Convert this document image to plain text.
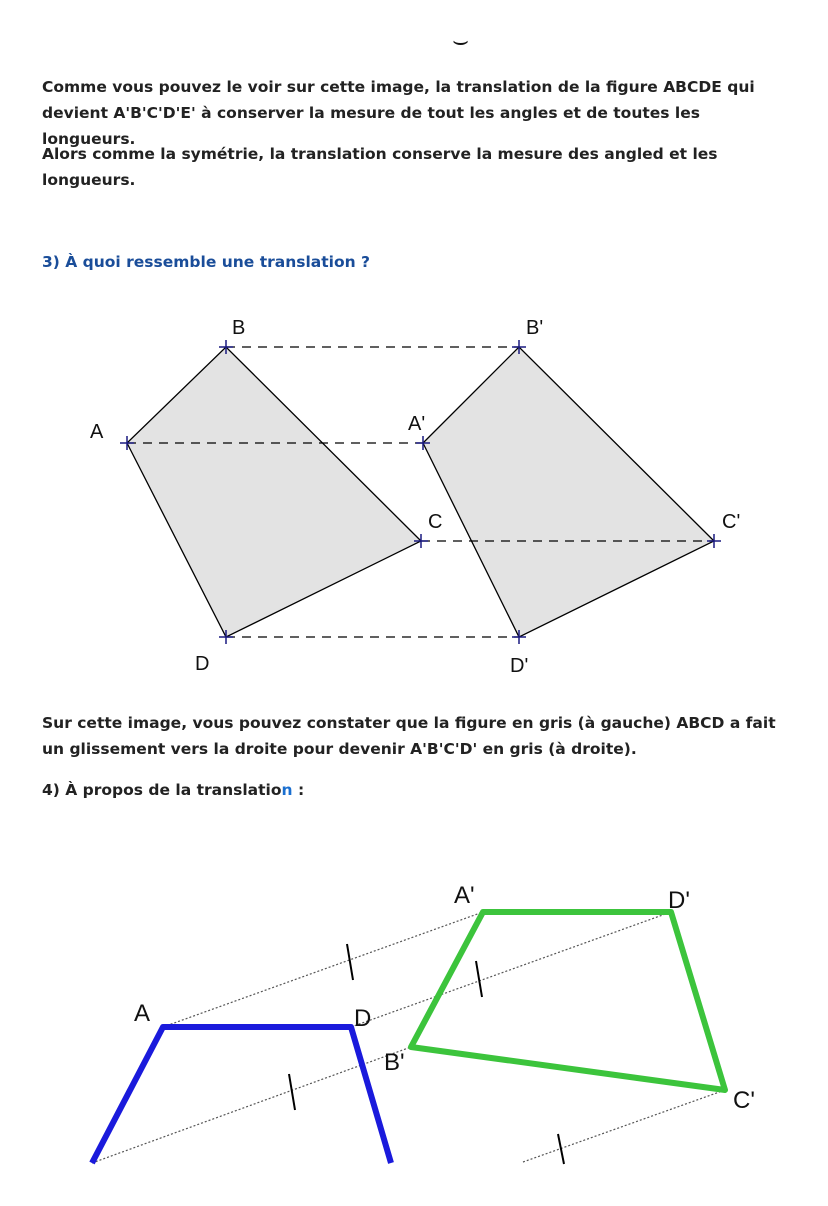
⌣

Comme vous pouvez le voir sur cette image, la translation de la figure ABCDE qui devient A'B'C'D'E' à conserver la mesure de tout les angles et de toutes les longueurs.

Alors comme la symétrie, la translation conserve la mesure des angled et les longueurs.

3) À quoi ressemble une translation ?

A
B
C
D
A'
B'
C'
D'

Sur cette image, vous pouvez constater que la figure en gris (à gauche) ABCD a fait un glissement vers la droite pour devenir A'B'C'D' en gris (à droite).

4) À propos de la translation :

A	D
B'
A'	D'
C'
